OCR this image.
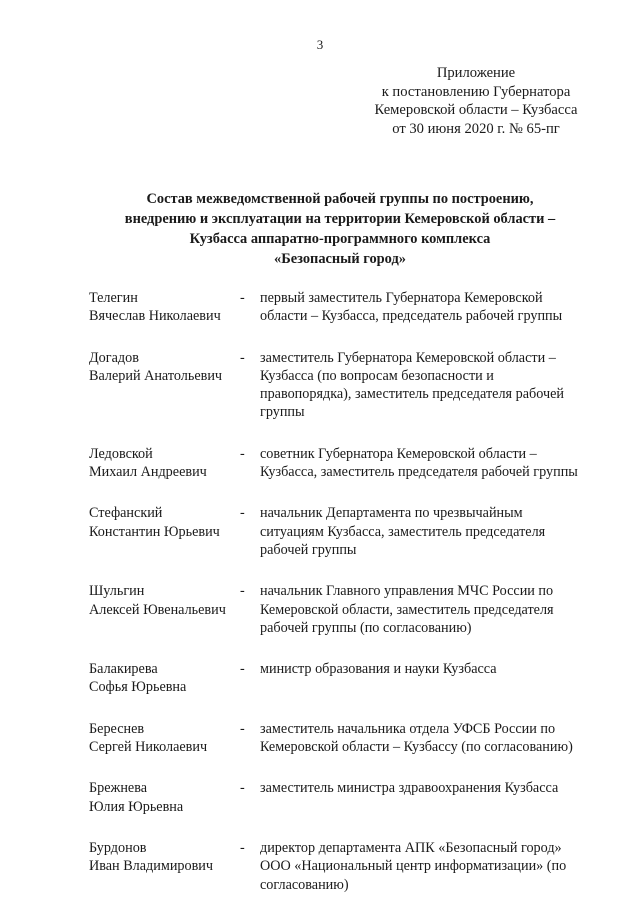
3
Приложение
к постановлению Губернатора
Кемеровской области – Кузбасса
от 30 июня 2020 г. № 65-пг
Состав межведомственной рабочей группы по построению,
внедрению и эксплуатации на территории Кемеровской области –
Кузбасса аппаратно-программного комплекса
«Безопасный город»
Телегин
Вячеслав Николаевич
-	первый заместитель Губернатора Кемеровской
области – Кузбасса, председатель рабочей группы
Догадов
Валерий Анатольевич
-	заместитель Губернатора Кемеровской области –
Кузбасса (по вопросам безопасности и
правопорядка), заместитель председателя рабочей
группы
Ледовской
Михаил Андреевич
-	советник Губернатора Кемеровской области –
Кузбасса, заместитель председателя рабочей группы
Стефанский
Константин Юрьевич
-	начальник Департамента по чрезвычайным
ситуациям Кузбасса, заместитель председателя
рабочей группы
Шульгин
Алексей Ювенальевич
-	начальник Главного управления МЧС России по
Кемеровской области, заместитель председателя
рабочей группы (по согласованию)
Балакирева
Софья Юрьевна
-	министр образования и науки Кузбасса
Береснев
Сергей Николаевич
-	заместитель начальника отдела УФСБ России по
Кемеровской области – Кузбассу (по согласованию)
Брежнева
Юлия Юрьевна
-	заместитель министра здравоохранения Кузбасса
Бурдонов
Иван Владимирович
-	директор департамента АПК «Безопасный город»
ООО «Национальный центр информатизации» (по
согласованию)
